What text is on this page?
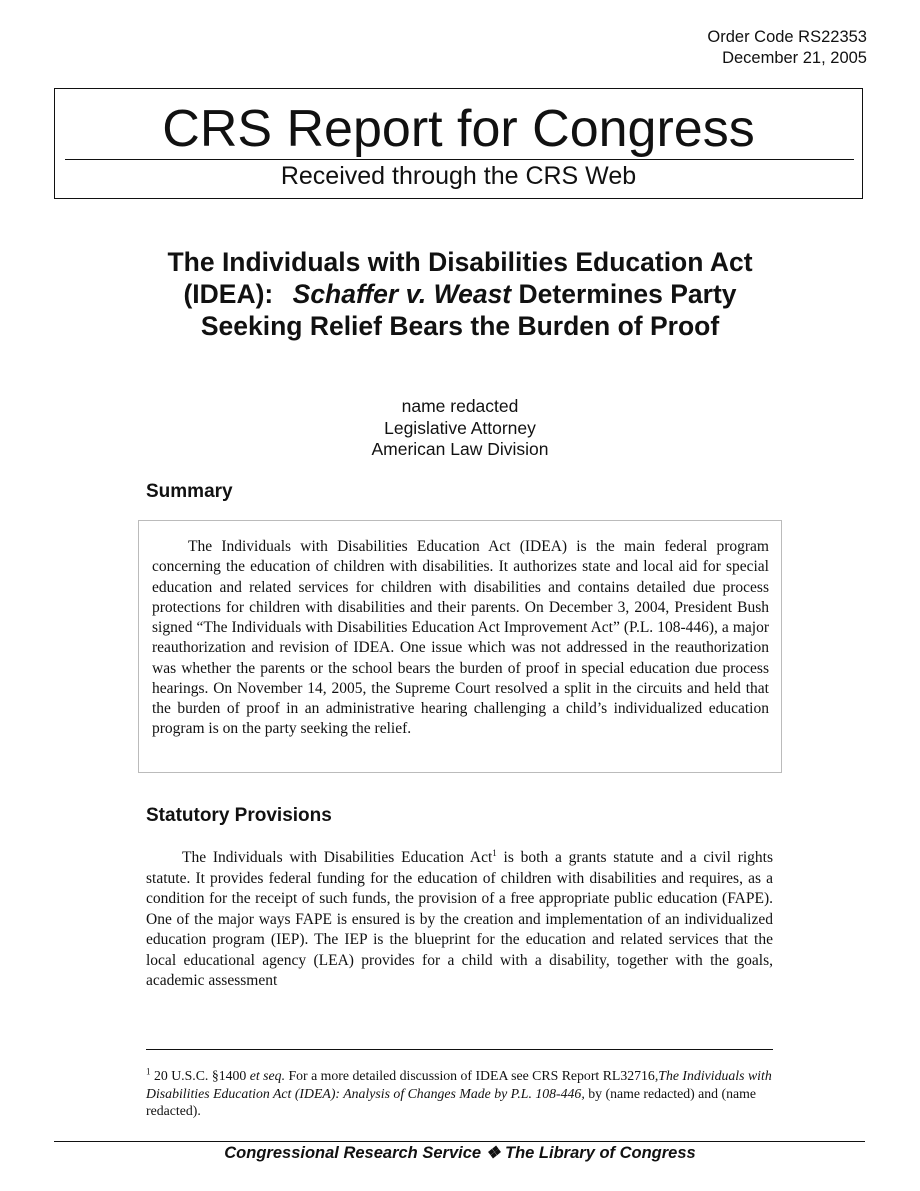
Order Code RS22353
December 21, 2005
CRS Report for Congress
Received through the CRS Web
The Individuals with Disabilities Education Act (IDEA): Schaffer v. Weast Determines Party Seeking Relief Bears the Burden of Proof
name redacted
Legislative Attorney
American Law Division
Summary

The Individuals with Disabilities Education Act (IDEA) is the main federal program concerning the education of children with disabilities. It authorizes state and local aid for special education and related services for children with disabilities and contains detailed due process protections for children with disabilities and their parents. On December 3, 2004, President Bush signed “The Individuals with Disabilities Education Act Improvement Act” (P.L. 108-446), a major reauthorization and revision of IDEA. One issue which was not addressed in the reauthorization was whether the parents or the school bears the burden of proof in special education due process hearings. On November 14, 2005, the Supreme Court resolved a split in the circuits and held that the burden of proof in an administrative hearing challenging a child’s individualized education program is on the party seeking the relief.

Statutory Provisions

The Individuals with Disabilities Education Act$^1$ is both a grants statute and a civil rights statute. It provides federal funding for the education of children with disabilities and requires, as a condition for the receipt of such funds, the provision of a free appropriate public education (FAPE). One of the major ways FAPE is ensured is by the creation and implementation of an individualized education program (IEP). The IEP is the blueprint for the education and related services that the local educational agency (LEA) provides for a child with a disability, together with the goals, academic assessment

$^1$ 20 U.S.C. §1400 et seq. For a more detailed discussion of IDEA see CRS Report RL32716,The Individuals with Disabilities Education Act (IDEA): Analysis of Changes Made by P.L. 108-446, by (name redacted) and (name redacted).

Congressional Research Service ❖ The Library of Congress
